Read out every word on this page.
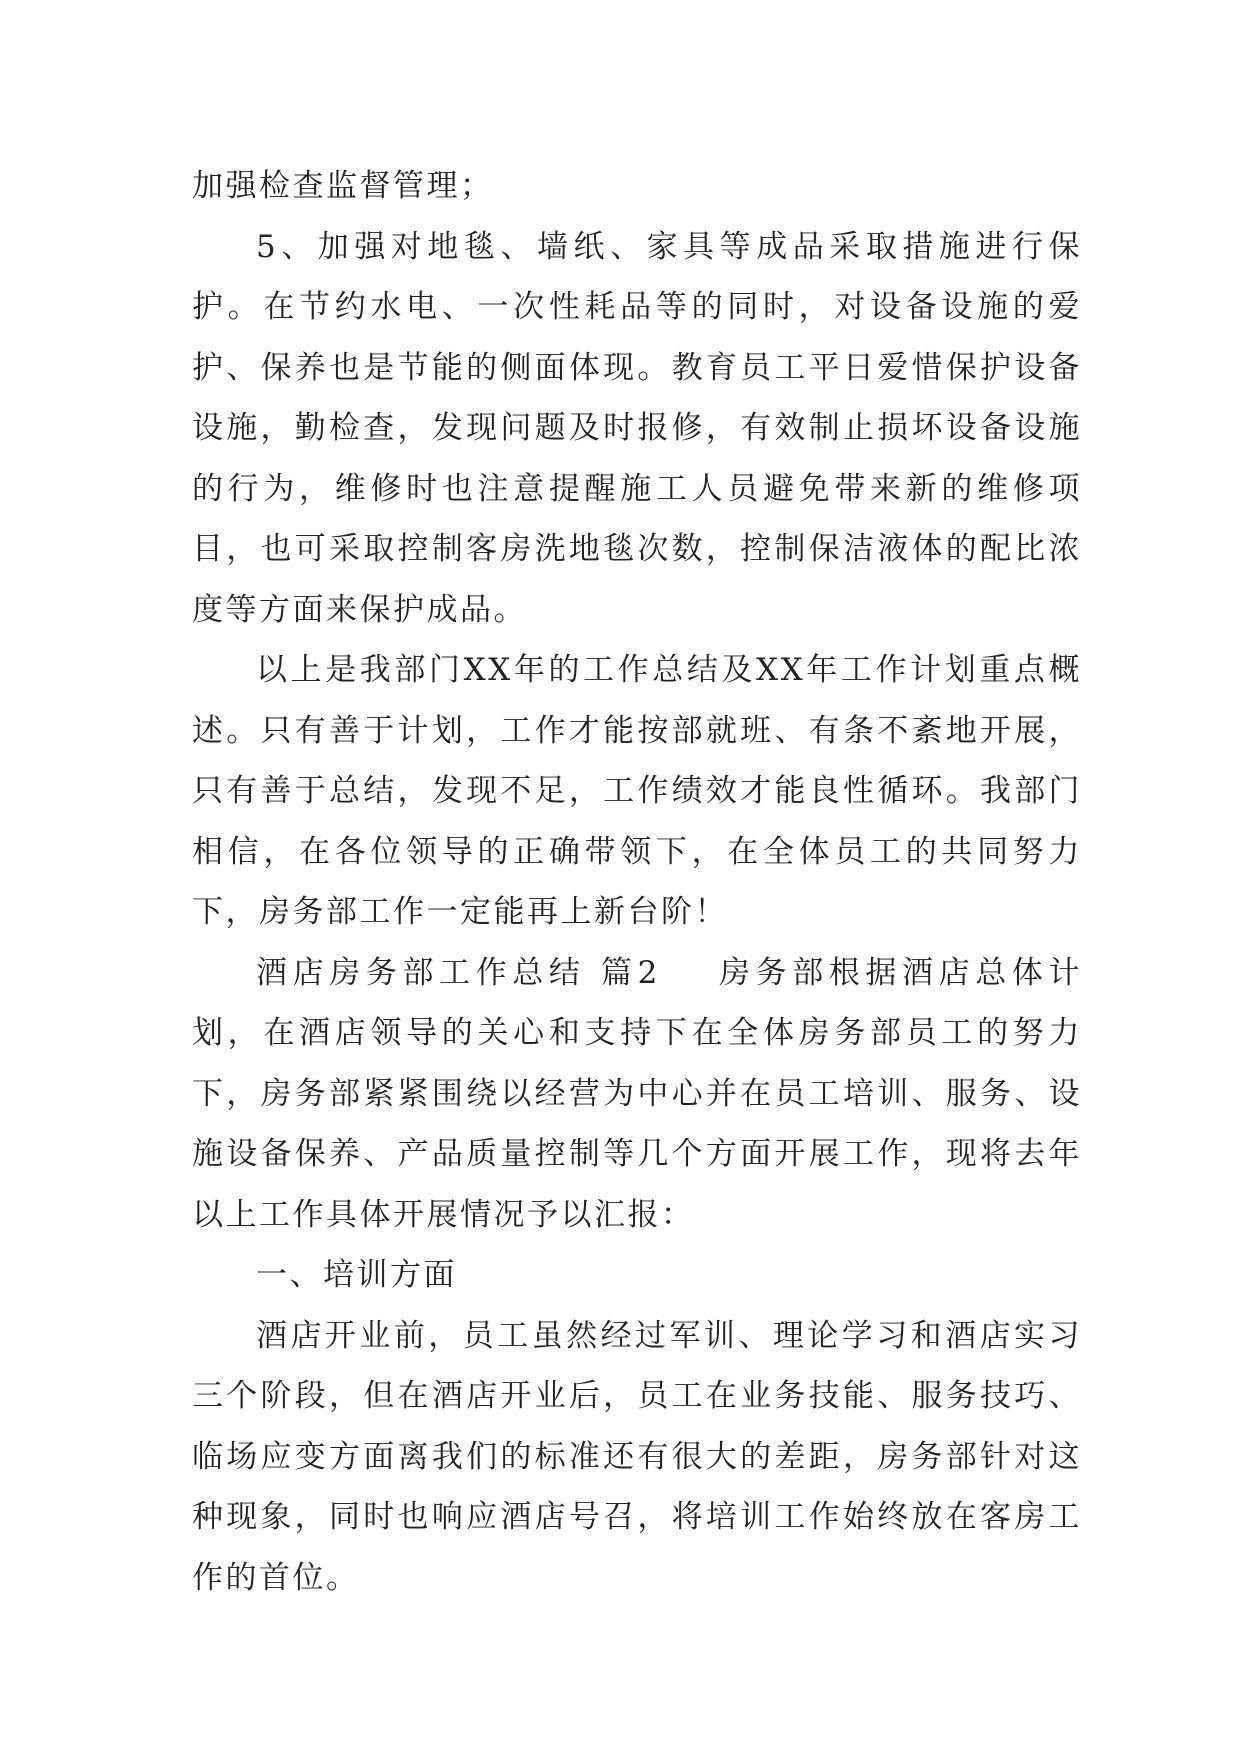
加强检查监督管理；

5、加强对地毯、墙纸、家具等成品采取措施进行保护。在节约水电、一次性耗品等的同时，对设备设施的爱护、保养也是节能的侧面体现。教育员工平日爱惜保护设备设施，勤检查，发现问题及时报修，有效制止损坏设备设施的行为，维修时也注意提醒施工人员避免带来新的维修项目，也可采取控制客房洗地毯次数，控制保洁液体的配比浓度等方面来保护成品。

以上是我部门XX年的工作总结及XX年工作计划重点概述。只有善于计划，工作才能按部就班、有条不紊地开展，只有善于总结，发现不足，工作绩效才能良性循环。我部门相信，在各位领导的正确带领下，在全体员工的共同努力下，房务部工作一定能再上新台阶！

酒店房务部工作总结 篇2 房务部根据酒店总体计划，在酒店领导的关心和支持下在全体房务部员工的努力下，房务部紧紧围绕以经营为中心并在员工培训、服务、设施设备保养、产品质量控制等几个方面开展工作，现将去年以上工作具体开展情况予以汇报：

一、培训方面

酒店开业前，员工虽然经过军训、理论学习和酒店实习三个阶段，但在酒店开业后，员工在业务技能、服务技巧、临场应变方面离我们的标准还有很大的差距，房务部针对这种现象，同时也响应酒店号召，将培训工作始终放在客房工作的首位。
